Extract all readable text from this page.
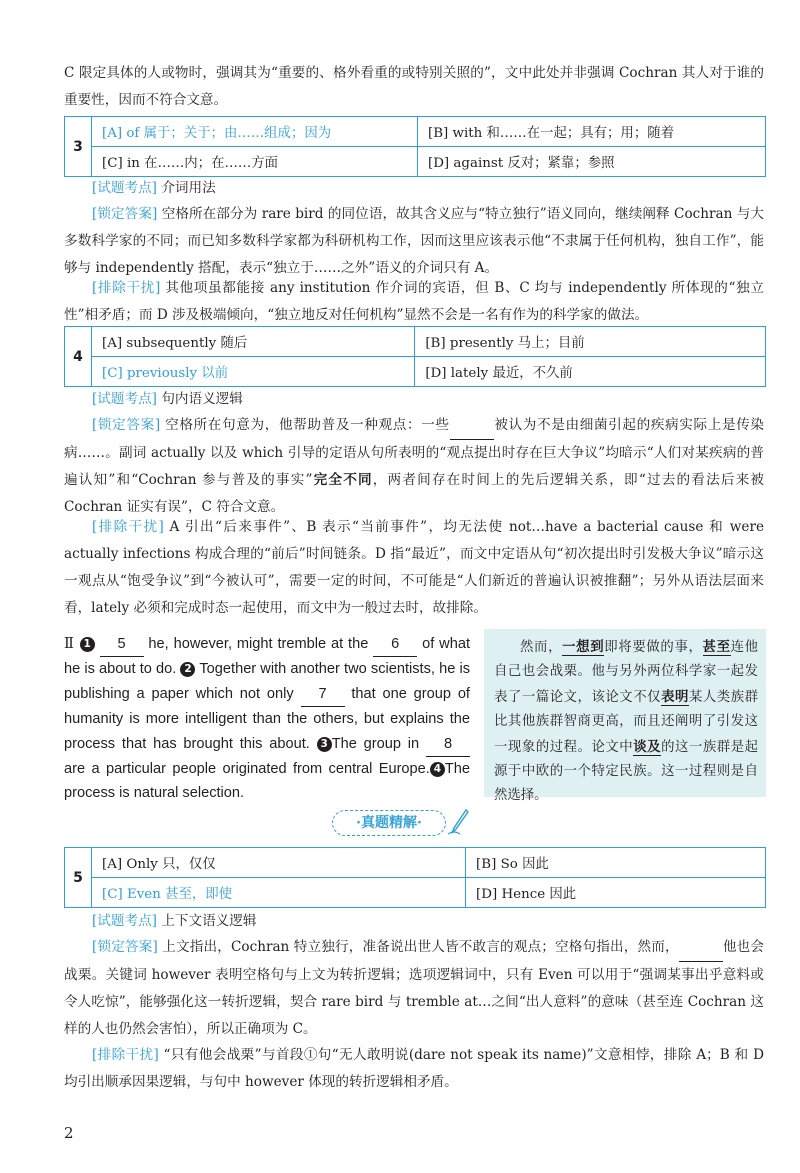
C 限定具体的人或物时，强调其为“重要的、格外看重的或特别关照的”，文中此处并非强调 Cochran 其人对于谁的重要性，因而不符合文意。

3	[A] of 属于；关于；由……组成；因为	[B] with 和……在一起；具有；用；随着
	[C] in 在……内；在……方面	[D] against 反对；紧靠；参照
[试题考点] 介词用法

[锁定答案] 空格所在部分为 rare bird 的同位语，故其含义应与“特立独行”语义同向，继续阐释 Cochran 与大多数科学家的不同；而已知多数科学家都为科研机构工作，因而这里应该表示他“不隶属于任何机构，独自工作”，能够与 independently 搭配，表示“独立于……之外”语义的介词只有 A。

[排除干扰] 其他项虽都能接 any institution 作介词的宾语，但 B、C 均与 independently 所体现的“独立性”相矛盾；而 D 涉及极端倾向，“独立地反对任何机构”显然不会是一名有作为的科学家的做法。

4	[A] subsequently 随后	[B] presently 马上；目前
	[C] previously 以前	[D] lately 最近，不久前
[试题考点] 句内语义逻辑

[锁定答案] 空格所在句意为，他帮助普及一种观点：一些	被认为不是由细菌引起的疾病实际上是传染病……。副词 actually 以及 which 引导的定语从句所表明的“观点提出时存在巨大争议”均暗示“人们对某疾病的普遍认知”和“Cochran 参与普及的事实”完全不同，两者间存在时间上的先后逻辑关系，即“过去的看法后来被 Cochran 证实有误”，C 符合文意。

[排除干扰] A 引出“后来事件”、B 表示“当前事件”，均无法使 not…have a bacterial cause 和 were actually infections 构成合理的“前后”时间链条。D 指“最近”，而文中定语从句“初次提出时引发极大争议”暗示这一观点从“饱受争议”到“今被认可”，需要一定的时间，不可能是“人们新近的普遍认识被推翻”；另外从语法层面来看，lately 必须和完成时态一起使用，而文中为一般过去时，故排除。

Ⅱ 1 5 he, however, might tremble at the 6 of what he is about to do. 2 Together with another two scientists, he is publishing a paper which not only 7 that one group of humanity is more intelligent than the others, but explains the process that has brought this about. 3 The group in 8 are a particular people originated from central Europe. 4 The process is natural selection.
然而，一想到即将要做的事，甚至连他自己也会战栗。他与另外两位科学家一起发表了一篇论文，该论文不仅表明某人类族群比其他族群智商更高，而且还阐明了引发这一现象的过程。论文中谈及的这一族群是起源于中欧的一个特定民族。这一过程则是自然选择。
·真题精解·
5	[A] Only 只，仅仅	[B] So 因此
	[C] Even 甚至，即使	[D] Hence 因此
[试题考点] 上下文语义逻辑

[锁定答案] 上文指出，Cochran 特立独行，准备说出世人皆不敢言的观点；空格句指出，然而，	他也会战栗。关键词 however 表明空格句与上文为转折逻辑；选项逻辑词中，只有 Even 可以用于“强调某事出乎意料或令人吃惊”，能够强化这一转折逻辑，契合 rare bird 与 tremble at…之间“出人意料”的意味（甚至连 Cochran 这样的人也仍然会害怕），所以正确项为 C。

[排除干扰] “只有他会战栗”与首段①句“无人敢明说(dare not speak its name)”文意相悖，排除 A；B 和 D 均引出顺承因果逻辑，与句中 however 体现的转折逻辑相矛盾。

2
